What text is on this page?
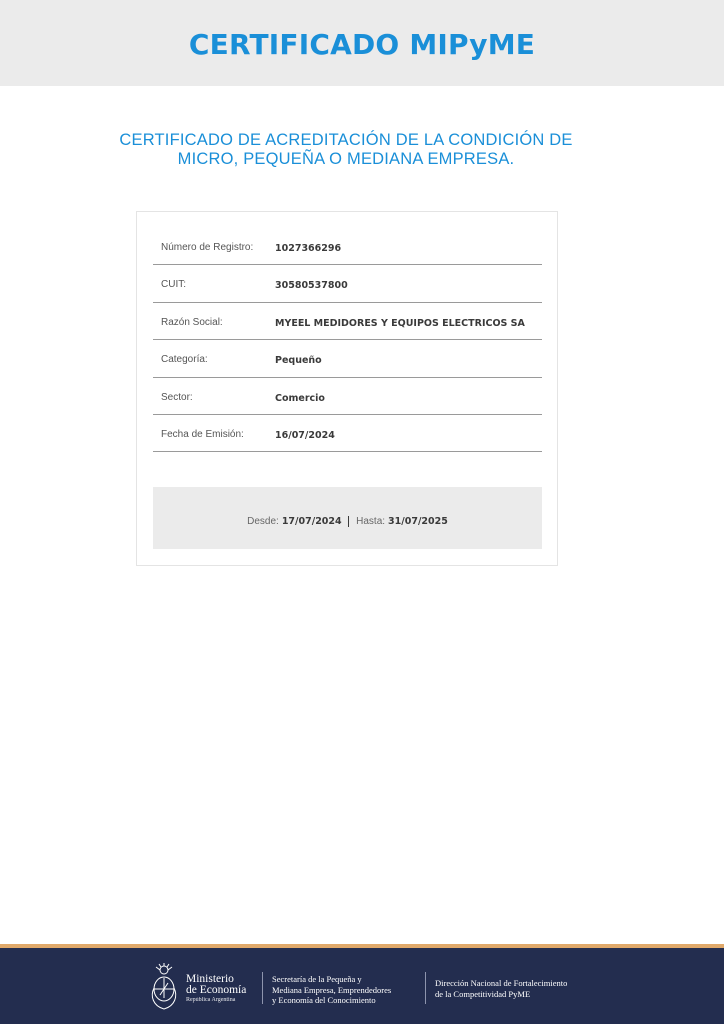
CERTIFICADO MIPyME
CERTIFICADO DE ACREDITACIÓN DE LA CONDICIÓN DE
MICRO, PEQUEÑA O MEDIANA EMPRESA.
Número de Registro: 1027366296
CUIT:	30580537800
Razón Social:	MYEEL MEDIDORES Y EQUIPOS ELECTRICOS SA
Categoría:	Pequeño
Sector:	Comercio
Fecha de Emisión:	16/07/2024
Desde: 17/07/2024 Hasta: 31/07/2025
Ministerio
de Economía
República Argentina
Secretaría de la Pequeña y
Mediana Empresa, Emprendedores
y Economía del Conocimiento
Dirección Nacional de Fortalecimiento
de la Competitividad PyME
